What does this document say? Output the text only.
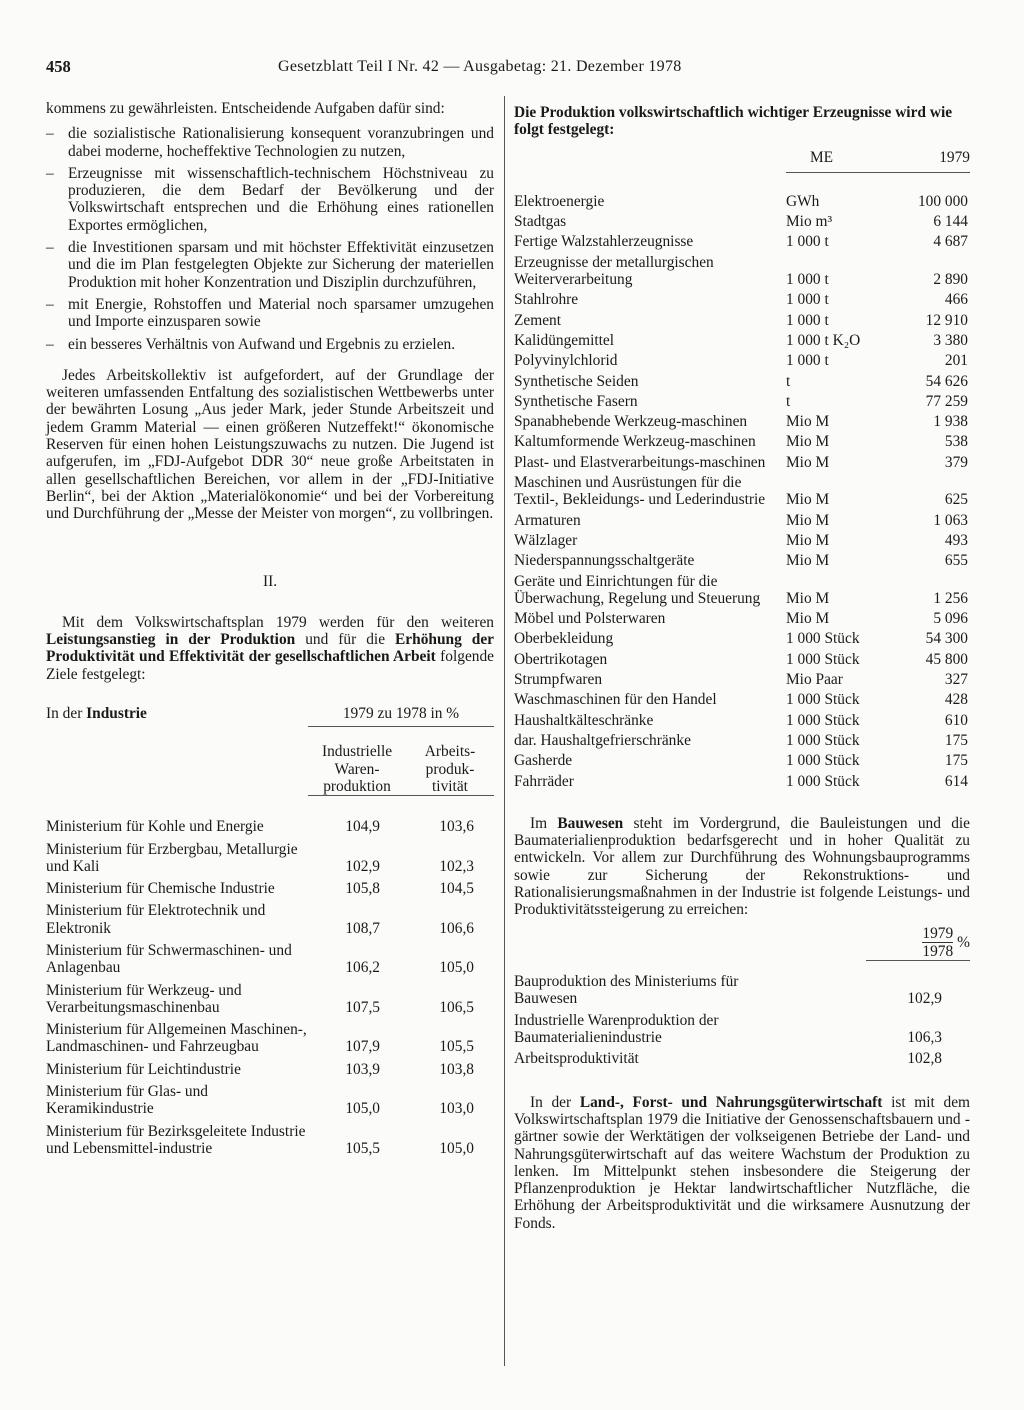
458	Gesetzblatt Teil I Nr. 42 — Ausgabetag: 21. Dezember 1978

kommens zu gewährleisten. Entscheidende Aufgaben dafür sind:

– die sozialistische Rationalisierung konsequent voranzubringen und dabei moderne, hocheffektive Technologien zu nutzen,
– Erzeugnisse mit wissenschaftlich-technischem Höchstniveau zu produzieren, die dem Bedarf der Bevölkerung und der Volkswirtschaft entsprechen und die Erhöhung eines rationellen Exportes ermöglichen,
– die Investitionen sparsam und mit höchster Effektivität einzusetzen und die im Plan festgelegten Objekte zur Sicherung der materiellen Produktion mit hoher Konzentration und Disziplin durchzuführen,
– mit Energie, Rohstoffen und Material noch sparsamer umzugehen und Importe einzusparen sowie
– ein besseres Verhältnis von Aufwand und Ergebnis zu erzielen.

Jedes Arbeitskollektiv ist aufgefordert, auf der Grundlage der weiteren umfassenden Entfaltung des sozialistischen Wettbewerbs unter der bewährten Losung „Aus jeder Mark, jeder Stunde Arbeitszeit und jedem Gramm Material — einen größeren Nutzeffekt!“ ökonomische Reserven für einen hohen Leistungszuwachs zu nutzen. Die Jugend ist aufgerufen, im „FDJ-Aufgebot DDR 30“ neue große Arbeitstaten in allen gesellschaftlichen Bereichen, vor allem in der „FDJ-Initiative Berlin“, bei der Aktion „Materialökonomie“ und bei der Vorbereitung und Durchführung der „Messe der Meister von morgen“, zu vollbringen.

II.

Mit dem Volkswirtschaftsplan 1979 werden für den weiteren Leistungsanstieg in der Produktion und für die Erhöhung der Produktivität und Effektivität der gesellschaftlichen Arbeit folgende Ziele festgelegt:

In der Industrie	1979 zu 1978 in %	

	Industrielle Waren-produktion	Arbeits-produk-tivität

Ministerium für Kohle und Energie	104,9	103,6
Ministerium für Erzbergbau, Metallurgie und Kali	102,9	102,3
Ministerium für Chemische Industrie	105,8	104,5
Ministerium für Elektrotechnik und Elektronik	108,7	106,6
Ministerium für Schwermaschinen- und Anlagenbau	106,2	105,0
Ministerium für Werkzeug- und Verarbeitungsmaschinenbau	107,5	106,5
Ministerium für Allgemeinen Maschinen-, Landmaschinen- und Fahrzeugbau	107,9	105,5
Ministerium für Leichtindustrie	103,9	103,8
Ministerium für Glas- und Keramikindustrie	105,0	103,0
Ministerium für Bezirksgeleitete Industrie und Lebensmittel-industrie	105,5	105,0

Die Produktion volkswirtschaftlich wichtiger Erzeugnisse wird wie folgt festgelegt:

	ME	1979

Elektroenergie	GWh	100 000
Stadtgas	Mio m³	6 144
Fertige Walzstahlerzeugnisse	1 000 t	4 687
Erzeugnisse der metallurgischen Weiterverarbeitung	1 000 t	2 890
Stahlrohre	1 000 t	466
Zement	1 000 t	12 910
Kalidüngemittel	1 000 t K₂O	3 380
Polyvinylchlorid	1 000 t	201
Synthetische Seiden	t	54 626
Synthetische Fasern	t	77 259
Spanabhebende Werkzeug-maschinen	Mio M	1 938
Kaltumformende Werkzeug-maschinen	Mio M	538
Plast- und Elastverarbeitungs-maschinen	Mio M	379
Maschinen und Ausrüstungen für die Textil-, Bekleidungs- und Lederindustrie	Mio M	625
Armaturen	Mio M	1 063
Wälzlager	Mio M	493
Niederspannungsschaltgeräte	Mio M	655
Geräte und Einrichtungen für die Überwachung, Regelung und Steuerung	Mio M	1 256
Möbel und Polsterwaren	Mio M	5 096
Oberbekleidung	1 000 Stück	54 300
Obertrikotagen	1 000 Stück	45 800
Strumpfwaren	Mio Paar	327
Waschmaschinen für den Handel	1 000 Stück	428
Haushaltkälteschränke	1 000 Stück	610
dar. Haushaltgefrierschränke	1 000 Stück	175
Gasherde	1 000 Stück	175
Fahrräder	1 000 Stück	614

Im Bauwesen steht im Vordergrund, die Bauleistungen und die Baumaterialienproduktion bedarfsgerecht und in hoher Qualität zu entwickeln. Vor allem zur Durchführung des Wohnungsbauprogramms sowie zur Sicherung der Rekonstruktions- und Rationalisierungsmaßnahmen in der Industrie ist folgende Leistungs- und Produktivitätssteigerung zu erreichen:

	$\frac{1979}{1978}$ %

Bauproduktion des Ministeriums für Bauwesen	102,9
Industrielle Warenproduktion der Baumaterialienindustrie	106,3
Arbeitsproduktivität	102,8

In der Land-, Forst- und Nahrungsgüterwirtschaft ist mit dem Volkswirtschaftsplan 1979 die Initiative der Genossenschaftsbauern und -gärtner sowie der Werktätigen der volkseigenen Betriebe der Land- und Nahrungsgüterwirtschaft auf das weitere Wachstum der Produktion zu lenken. Im Mittelpunkt stehen insbesondere die Steigerung der Pflanzenproduktion je Hektar landwirtschaftlicher Nutzfläche, die Erhöhung der Arbeitsproduktivität und die wirksamere Ausnutzung der Fonds.
